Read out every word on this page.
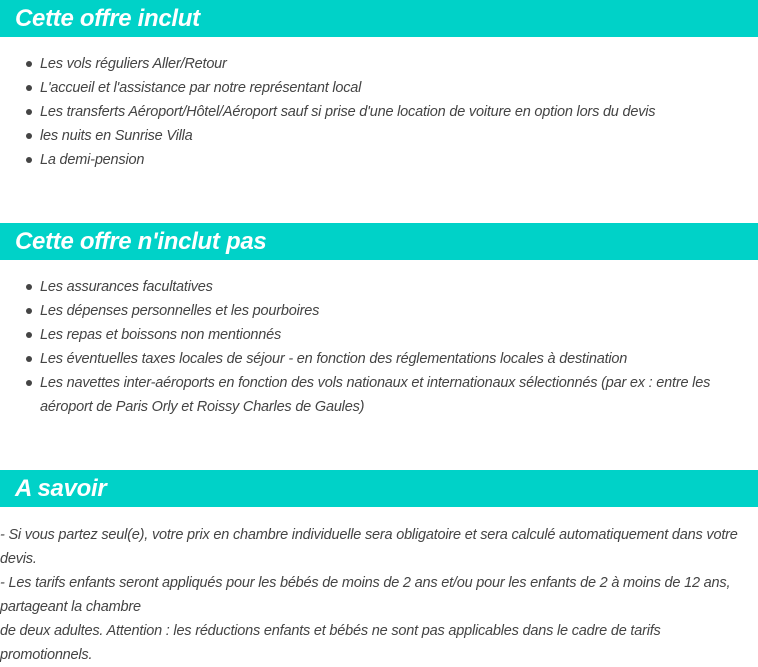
Cette offre inclut
Les vols réguliers Aller/Retour
L'accueil et l'assistance par notre représentant local
Les transferts Aéroport/Hôtel/Aéroport sauf si prise d'une location de voiture en option lors du devis
les nuits en Sunrise Villa
La demi-pension
Cette offre n'inclut pas
Les assurances facultatives
Les dépenses personnelles et les pourboires
Les repas et boissons non mentionnés
Les éventuelles taxes locales de séjour - en fonction des réglementations locales à destination
Les navettes inter-aéroports en fonction des vols nationaux et internationaux sélectionnés (par ex : entre les aéroport de Paris Orly et Roissy Charles de Gaules)
A savoir

- Si vous partez seul(e), votre prix en chambre individuelle sera obligatoire et sera calculé automatiquement dans votre devis.

- Les tarifs enfants seront appliqués pour les bébés de moins de 2 ans et/ou pour les enfants de 2 à moins de 12 ans, partageant la chambre

de deux adultes. Attention : les réductions enfants et bébés ne sont pas applicables dans le cadre de tarifs promotionnels.
